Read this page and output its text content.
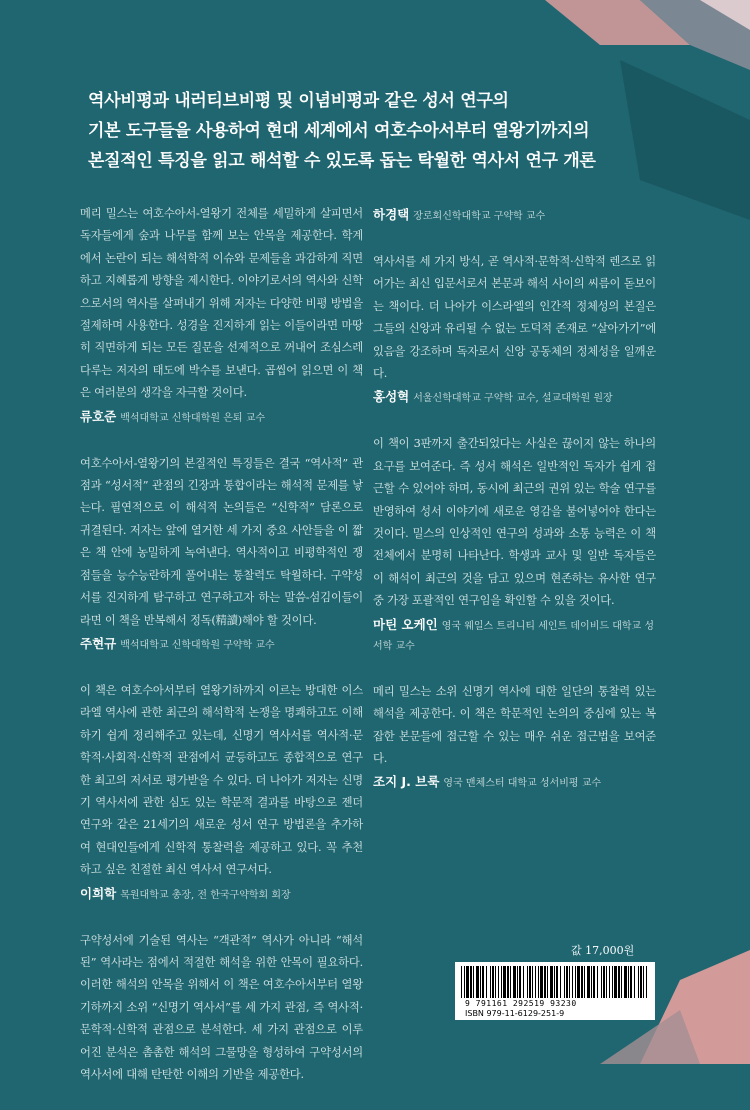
역사비평과 내러티브비평 및 이념비평과 같은 성서 연구의
기본 도구들을 사용하여 현대 세계에서 여호수아서부터 열왕기까지의
본질적인 특징을 읽고 해석할 수 있도록 돕는 탁월한 역사서 연구 개론

메리 밀스는 여호수아서-열왕기 전체를 세밀하게 살피면서 독자들에게 숲과 나무를 함께 보는 안목을 제공한다. 학계에서 논란이 되는 해석학적 이슈와 문제들을 과감하게 직면하고 지혜롭게 방향을 제시한다. 이야기로서의 역사와 신학으로서의 역사를 살펴내기 위해 저자는 다양한 비평 방법을 절제하며 사용한다. 성경을 진지하게 읽는 이들이라면 마땅히 직면하게 되는 모든 질문을 선제적으로 꺼내어 조심스레 다루는 저자의 태도에 박수를 보낸다. 곱씹어 읽으면 이 책은 여러분의 생각을 자극할 것이다.

류호준 백석대학교 신학대학원 은퇴 교수

여호수아서-열왕기의 본질적인 특징들은 결국 “역사적” 관점과 “성서적” 관점의 긴장과 통합이라는 해석적 문제를 낳는다. 필연적으로 이 해석적 논의들은 “신학적” 담론으로 귀결된다. 저자는 앞에 열거한 세 가지 중요 사안들을 이 짧은 책 안에 농밀하게 녹여낸다. 역사적이고 비평학적인 쟁점들을 능수능란하게 풀어내는 통찰력도 탁월하다. 구약성서를 진지하게 탐구하고 연구하고자 하는 말씀-섬김이들이라면 이 책을 반복해서 정독(精讀)해야 할 것이다.

주현규 백석대학교 신학대학원 구약학 교수

이 책은 여호수아서부터 열왕기하까지 이르는 방대한 이스라엘 역사에 관한 최근의 해석학적 논쟁을 명쾌하고도 이해하기 쉽게 정리해주고 있는데, 신명기 역사서를 역사적·문학적·사회적·신학적 관점에서 균등하고도 종합적으로 연구한 최고의 저서로 평가받을 수 있다. 더 나아가 저자는 신명기 역사서에 관한 심도 있는 학문적 결과를 바탕으로 젠더 연구와 같은 21세기의 새로운 성서 연구 방법론을 추가하여 현대인들에게 신학적 통찰력을 제공하고 있다. 꼭 추천하고 싶은 친절한 최신 역사서 연구서다.

이희학 목원대학교 총장, 전 한국구약학회 회장

구약성서에 기술된 역사는 “객관적” 역사가 아니라 “해석된” 역사라는 점에서 적절한 해석을 위한 안목이 필요하다. 이러한 해석의 안목을 위해서 이 책은 여호수아서부터 열왕기하까지 소위 “신명기 역사서”를 세 가지 관점, 즉 역사적·문학적·신학적 관점으로 분석한다. 세 가지 관점으로 이루어진 분석은 촘촘한 해석의 그물망을 형성하여 구약성서의 역사서에 대해 탄탄한 이해의 기반을 제공한다.

하경택 장로회신학대학교 구약학 교수

역사서를 세 가지 방식, 곧 역사적·문학적·신학적 렌즈로 읽어가는 최신 입문서로서 본문과 해석 사이의 씨름이 돋보이는 책이다. 더 나아가 이스라엘의 인간적 정체성의 본질은 그들의 신앙과 유리될 수 없는 도덕적 존재로 “살아가기”에 있음을 강조하며 독자로서 신앙 공동체의 정체성을 일깨운다.

홍성혁 서울신학대학교 구약학 교수, 설교대학원 원장

이 책이 3판까지 출간되었다는 사실은 끊이지 않는 하나의 요구를 보여준다. 즉 성서 해석은 일반적인 독자가 쉽게 접근할 수 있어야 하며, 동시에 최근의 권위 있는 학술 연구를 반영하여 성서 이야기에 새로운 영감을 불어넣어야 한다는 것이다. 밀스의 인상적인 연구의 성과와 소통 능력은 이 책 전체에서 분명히 나타난다. 학생과 교사 및 일반 독자들은 이 해석이 최근의 것을 담고 있으며 현존하는 유사한 연구 중 가장 포괄적인 연구임을 확인할 수 있을 것이다.

마틴 오케인 영국 웨일스 트리니티 세인트 데이비드 대학교 성서학 교수

메리 밀스는 소위 신명기 역사에 대한 일단의 통찰력 있는 해석을 제공한다. 이 책은 학문적인 논의의 중심에 있는 복잡한 본문들에 접근할 수 있는 매우 쉬운 접근법을 보여준다.

조지 J. 브룩 영국 맨체스터 대학교 성서비평 교수
값 17,000원
9 791161 292519 93230
ISBN 979-11-6129-251-9
